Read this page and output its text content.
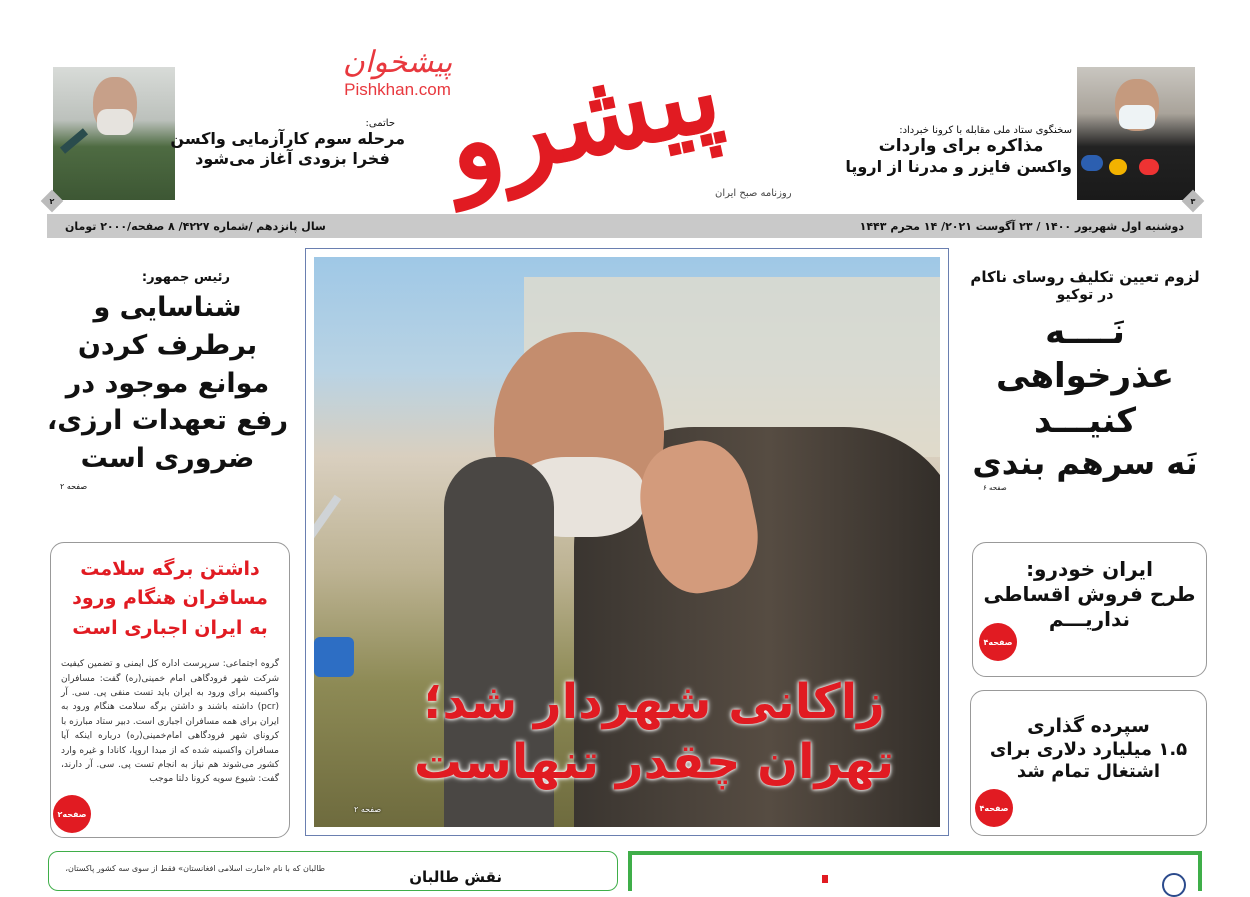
۳
سخنگوی ستاد ملی مقابله با کرونا خبرداد:
مذاکره برای واردات
واکسن فایزر و مدرنا از اروپا
پیشرو
روزنامه صبح ایران
پیشخوان
Pishkhan.com
۲
حاتمی:
مرحله سوم کارآزمایی واکسن
فخرا بزودی آغاز می‌شود
دوشنبه اول شهریور ۱۴۰۰ / ۲۳ آگوست ۲۰۲۱/ ۱۴ محرم ۱۴۴۳
سال پانزدهم /شماره ۴۲۲۷/ ۸ صفحه/۲۰۰۰ تومان
لزوم تعیین تکلیف روسای ناکام
در توکیو
نَــــه
عذرخواهی
کنیـــد
نَه سرهم بندی
صفحه ۶
ایران خودرو:
طرح فروش اقساطی
نداریـــم
صفحه۴
سپرده گذاری
۱.۵ میلیارد دلاری برای
اشتغال تمام شد
صفحه۴
زاکانی شهردار شد؛
تهران چقدر تنهاست
صفحه ۲
رئیس جمهور:
شناسایی و
برطرف کردن
موانع موجود در
رفع تعهدات ارزی،
ضروری است
صفحه ۲
داشتن برگه سلامت
مسافران هنگام ورود
به ایران اجباری است
گروه اجتماعی: سرپرست اداره کل ایمنی و تضمین کیفیت شرکت شهر فرودگاهی امام خمینی(ره) گفت: مسافران واکسینه برای ورود به ایران باید تست منفی پی. سی. آر (pcr) داشته باشند و داشتن برگه سلامت هنگام ورود به ایران برای همه مسافران اجباری است. دبیر ستاد مبارزه با کرونای شهر فرودگاهی امام‌خمینی(ره) درباره اینکه آیا مسافران واکسینه شده که از مبدا اروپا، کانادا و غیره وارد کشور می‌شوند هم نیاز به انجام تست پی. سی. آر دارند، گفت: شیوع سویه کرونا دلتا موجب
صفحه۲
طالبان که با نام «امارت اسلامی افغانستان» فقط از سوی سه کشور پاکستان،	نقش طالبان
